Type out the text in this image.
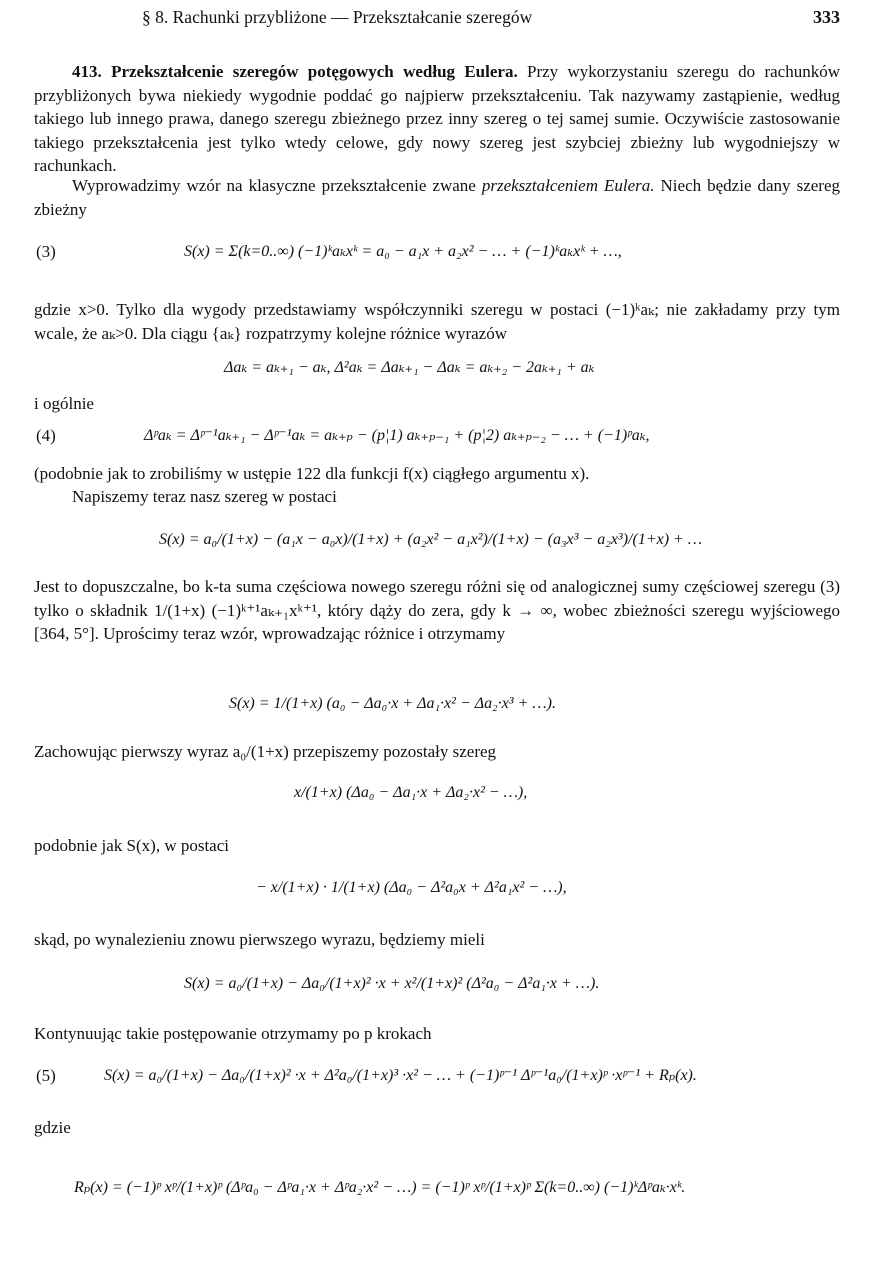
§ 8. Rachunki przybliżone — Przekształcanie szeregów	333

413. Przekształcenie szeregów potęgowych według Eulera. Przy wykorzystaniu szeregu do rachunków przybliżonych bywa niekiedy wygodnie poddać go najpierw przekształceniu. Tak nazywamy zastąpienie, według takiego lub innego prawa, danego szeregu zbieżnego przez inny szereg o tej samej sumie. Oczywiście zastosowanie takiego przekształcenia jest tylko wtedy celowe, gdy nowy szereg jest szybciej zbieżny lub wygodniejszy w rachunkach.

Wyprowadzimy wzór na klasyczne przekształcenie zwane przekształceniem Eulera. Niech będzie dany szereg zbieżny

(3)	S(x) = Σ(k=0..∞) (−1)ᵏaₖxᵏ = a₀ − a₁x + a₂x² − … + (−1)ᵏaₖxᵏ + …,

gdzie x>0. Tylko dla wygody przedstawiamy współczynniki szeregu w postaci (−1)ᵏaₖ; nie zakładamy przy tym wcale, że aₖ>0. Dla ciągu {aₖ} rozpatrzymy kolejne różnice wyrazów

Δaₖ = aₖ₊₁ − aₖ, Δ²aₖ = Δaₖ₊₁ − Δaₖ = aₖ₊₂ − 2aₖ₊₁ + aₖ

i ogólnie

(4)	Δᵖaₖ = Δᵖ⁻¹aₖ₊₁ − Δᵖ⁻¹aₖ = aₖ₊ₚ − (p¦1) aₖ₊ₚ₋₁ + (p¦2) aₖ₊ₚ₋₂ − … + (−1)ᵖaₖ,

(podobnie jak to zrobiliśmy w ustępie 122 dla funkcji f(x) ciągłego argumentu x).

Napiszemy teraz nasz szereg w postaci

S(x) = a₀/(1+x) − (a₁x − a₀x)/(1+x) + (a₂x² − a₁x²)/(1+x) − (a₃x³ − a₂x³)/(1+x) + …

Jest to dopuszczalne, bo k-ta suma częściowa nowego szeregu różni się od analogicznej sumy częściowej szeregu (3) tylko o składnik 1/(1+x) (−1)ᵏ⁺¹aₖ₊₁xᵏ⁺¹, który dąży do zera, gdy k → ∞, wobec zbieżności szeregu wyjściowego [364, 5°]. Uprościmy teraz wzór, wprowadzając różnice i otrzymamy

S(x) = 1/(1+x) (a₀ − Δa₀·x + Δa₁·x² − Δa₂·x³ + …).

Zachowując pierwszy wyraz a₀/(1+x) przepiszemy pozostały szereg

x/(1+x) (Δa₀ − Δa₁·x + Δa₂·x² − …),

podobnie jak S(x), w postaci

− x/(1+x) · 1/(1+x) (Δa₀ − Δ²a₀x + Δ²a₁x² − …),

skąd, po wynalezieniu znowu pierwszego wyrazu, będziemy mieli

S(x) = a₀/(1+x) − Δa₀/(1+x)² ·x + x²/(1+x)² (Δ²a₀ − Δ²a₁·x + …).

Kontynuując takie postępowanie otrzymamy po p krokach

(5)	S(x) = a₀/(1+x) − Δa₀/(1+x)² ·x + Δ²a₀/(1+x)³ ·x² − … + (−1)ᵖ⁻¹ Δᵖ⁻¹a₀/(1+x)ᵖ ·xᵖ⁻¹ + Rₚ(x).

gdzie

Rₚ(x) = (−1)ᵖ xᵖ/(1+x)ᵖ (Δᵖa₀ − Δᵖa₁·x + Δᵖa₂·x² − …) = (−1)ᵖ xᵖ/(1+x)ᵖ Σ(k=0..∞) (−1)ᵏΔᵖaₖ·xᵏ.
